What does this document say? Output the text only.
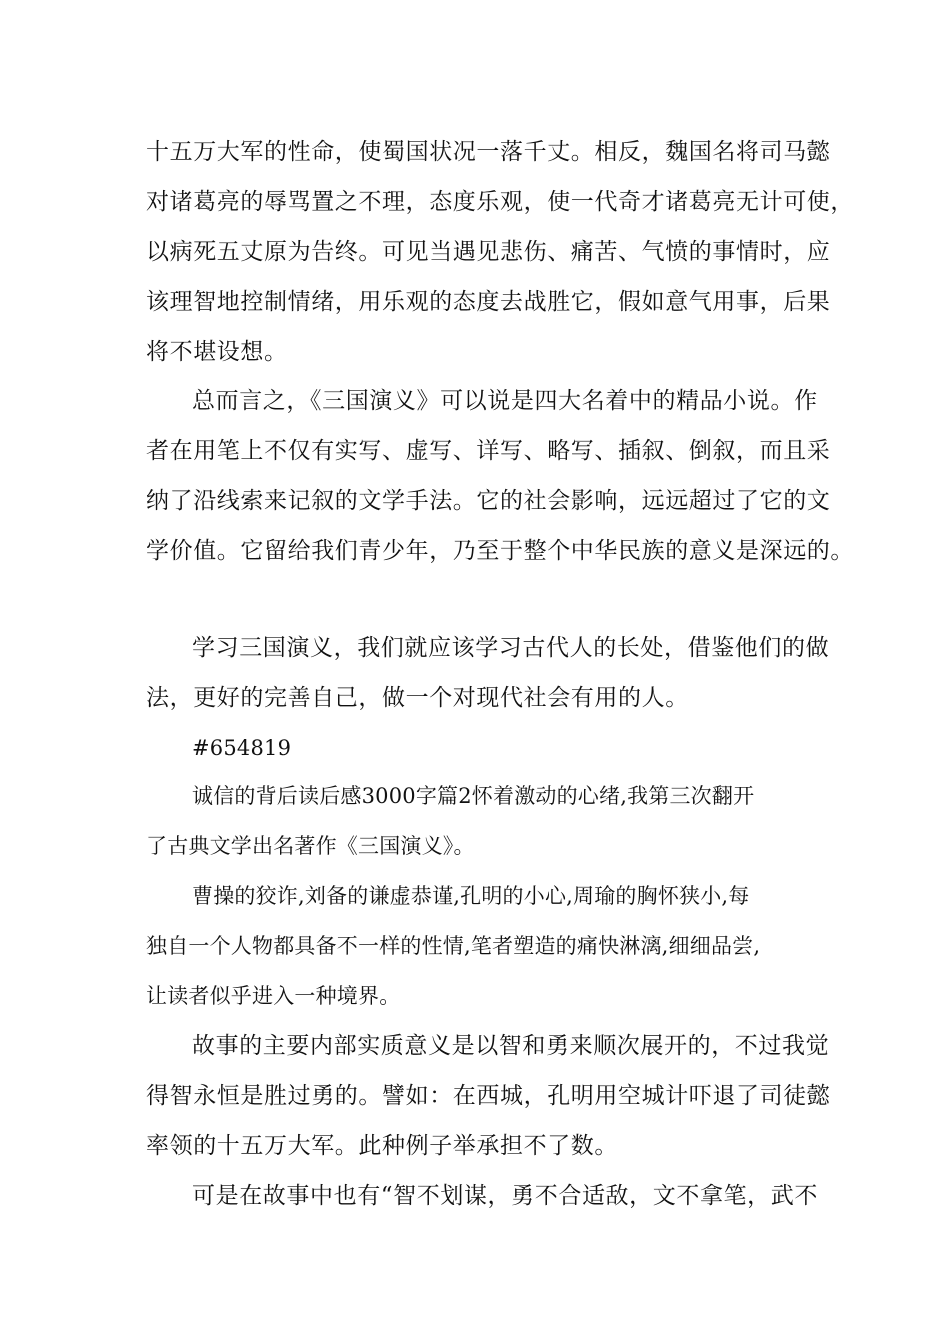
十五万大军的性命，使蜀国状况一落千丈。相反，魏国名将司马懿
对诸葛亮的辱骂置之不理，态度乐观，使一代奇才诸葛亮无计可使，
以病死五丈原为告终。可见当遇见悲伤、痛苦、气愤的事情时，应
该理智地控制情绪，用乐观的态度去战胜它，假如意气用事，后果
将不堪设想。
总而言之，《三国演义》可以说是四大名着中的精品小说。作
者在用笔上不仅有实写、虚写、详写、略写、插叙、倒叙，而且采
纳了沿线索来记叙的文学手法。它的社会影响，远远超过了它的文
学价值。它留给我们青少年，乃至于整个中华民族的意义是深远的。
学习三国演义，我们就应该学习古代人的长处，借鉴他们的做
法，更好的完善自己，做一个对现代社会有用的人。
#654819
诚信的背后读后感3000字篇2怀着激动的心绪,我第三次翻开
了古典文学出名著作《三国演义》。
曹操的狡诈,刘备的谦虚恭谨,孔明的小心,周瑜的胸怀狭小,每
独自一个人物都具备不一样的性情,笔者塑造的痛快淋漓,细细品尝,
让读者似乎进入一种境界。
故事的主要内部实质意义是以智和勇来顺次展开的，不过我觉
得智永恒是胜过勇的。譬如：在西城，孔明用空城计吓退了司徒懿
率领的十五万大军。此种例子举承担不了数。
可是在故事中也有“智不划谋，勇不合适敌，文不拿笔，武不
